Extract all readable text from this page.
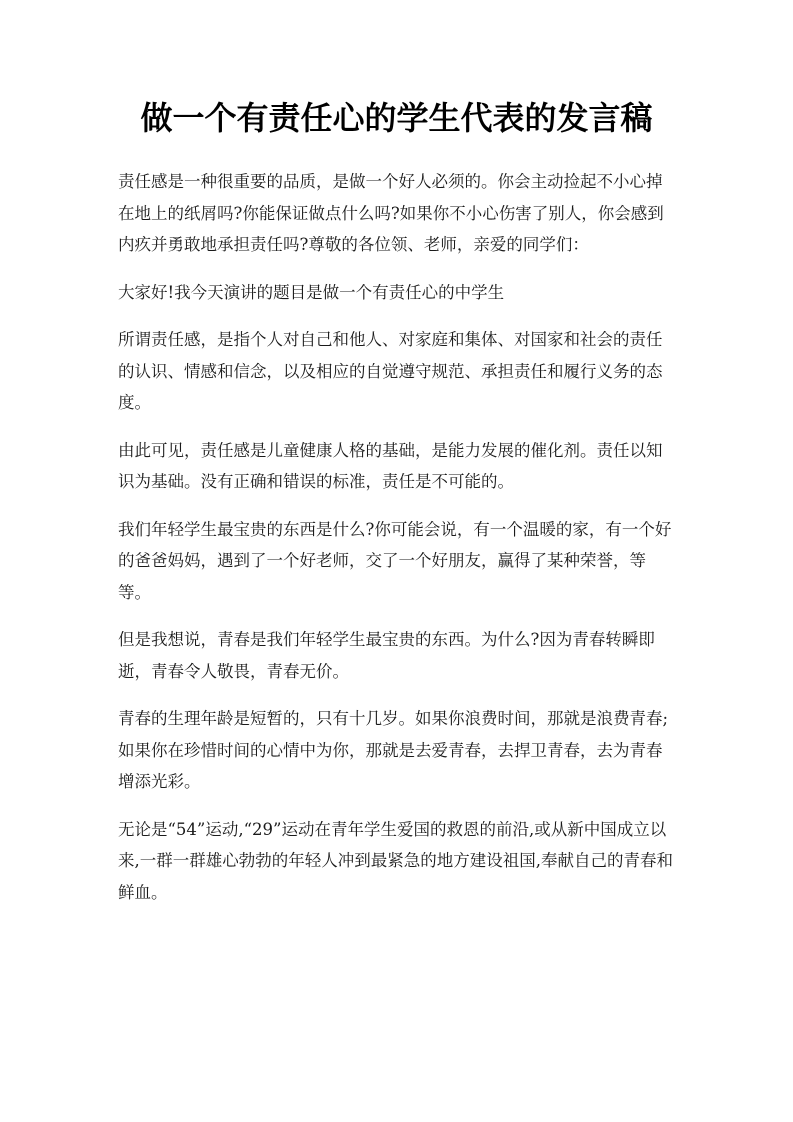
做一个有责任心的学生代表的发言稿

责任感是一种很重要的品质，是做一个好人必须的。你会主动捡起不小心掉在地上的纸屑吗?你能保证做点什么吗?如果你不小心伤害了别人，你会感到内疚并勇敢地承担责任吗?尊敬的各位领、老师，亲爱的同学们：

大家好!我今天演讲的题目是做一个有责任心的中学生

所谓责任感，是指个人对自己和他人、对家庭和集体、对国家和社会的责任的认识、情感和信念，以及相应的自觉遵守规范、承担责任和履行义务的态度。

由此可见，责任感是儿童健康人格的基础，是能力发展的催化剂。责任以知识为基础。没有正确和错误的标准，责任是不可能的。

我们年轻学生最宝贵的东西是什么?你可能会说，有一个温暖的家，有一个好的爸爸妈妈，遇到了一个好老师，交了一个好朋友，赢得了某种荣誉，等等。

但是我想说，青春是我们年轻学生最宝贵的东西。为什么?因为青春转瞬即逝，青春令人敬畏，青春无价。

青春的生理年龄是短暂的，只有十几岁。如果你浪费时间，那就是浪费青春;如果你在珍惜时间的心情中为你，那就是去爱青春，去捍卫青春，去为青春增添光彩。

无论是“54”运动,“29”运动在青年学生爱国的救恩的前沿,或从新中国成立以来,一群一群雄心勃勃的年轻人冲到最紧急的地方建设祖国,奉献自己的青春和鲜血。
